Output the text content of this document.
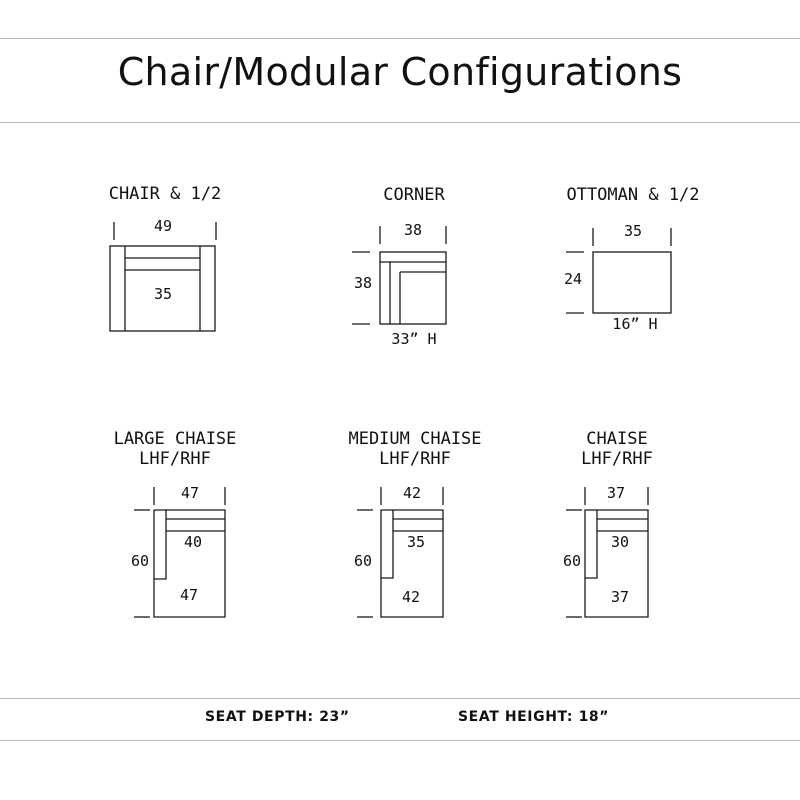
Chair/Modular Configurations
CHAIR & 1/2
49
35
CORNER
38
38
33” H
OTTOMAN & 1/2
35
24
16” H
LARGE CHAISE
LHF/RHF
47
60
40
47
MEDIUM CHAISE
LHF/RHF
42
60
35
42
CHAISE
LHF/RHF
37
60
30
37
SEAT DEPTH: 23”	SEAT HEIGHT: 18”
